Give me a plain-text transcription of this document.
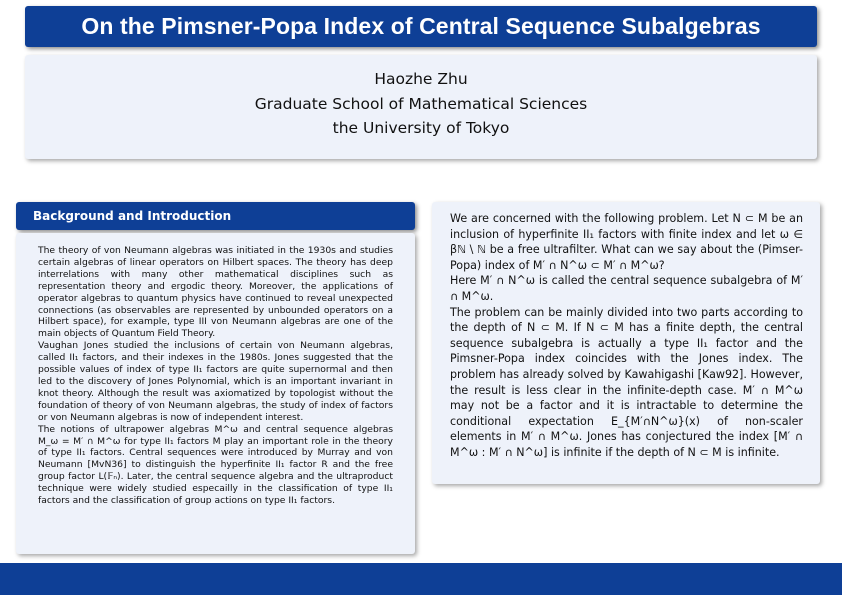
On the Pimsner-Popa Index of Central Sequence Subalgebras
Haozhe Zhu
Graduate School of Mathematical Sciences
the University of Tokyo
Background and Introduction

The theory of von Neumann algebras was initiated in the 1930s and studies certain algebras of linear operators on Hilbert spaces. The theory has deep interrelations with many other mathematical disciplines such as representation theory and ergodic theory. Moreover, the applications of operator algebras to quantum physics have continued to reveal unexpected connections (as observables are represented by unbounded operators on a Hilbert space), for example, type III von Neumann algebras are one of the main objects of Quantum Field Theory.

Vaughan Jones studied the inclusions of certain von Neumann algebras, called II₁ factors, and their indexes in the 1980s. Jones suggested that the possible values of index of type II₁ factors are quite supernormal and then led to the discovery of Jones Polynomial, which is an important invariant in knot theory. Although the result was axiomatized by topologist without the foundation of theory of von Neumann algebras, the study of index of factors or von Neumann algebras is now of independent interest.

The notions of ultrapower algebras M^ω and central sequence algebras M_ω = M′ ∩ M^ω for type II₁ factors M play an important role in the theory of type II₁ factors. Central sequences were introduced by Murray and von Neumann [MvN36] to distinguish the hyperfinite II₁ factor R and the free group factor L(𝔽ₙ). Later, the central sequence algebra and the ultraproduct technique were widely studied especailly in the classification of type II₁ factors and the classification of group actions on type II₁ factors.

We are concerned with the following problem. Let N ⊂ M be an inclusion of hyperfinite II₁ factors with finite index and let ω ∈ βℕ \ ℕ be a free ultrafilter. What can we say about the (Pimser-Popa) index of M′ ∩ N^ω ⊂ M′ ∩ M^ω?

Here M′ ∩ N^ω is called the central sequence subalgebra of M′ ∩ M^ω.

The problem can be mainly divided into two parts according to the depth of N ⊂ M. If N ⊂ M has a finite depth, the central sequence subalgebra is actually a type II₁ factor and the Pimsner-Popa index coincides with the Jones index. The problem has already solved by Kawahigashi [Kaw92]. However, the result is less clear in the infinite-depth case. M′ ∩ M^ω may not be a factor and it is intractable to determine the conditional expectation E_{M′∩N^ω}(x) of non-scaler elements in M′ ∩ M^ω. Jones has conjectured the index [M′ ∩ M^ω : M′ ∩ N^ω] is infinite if the depth of N ⊂ M is infinite.
